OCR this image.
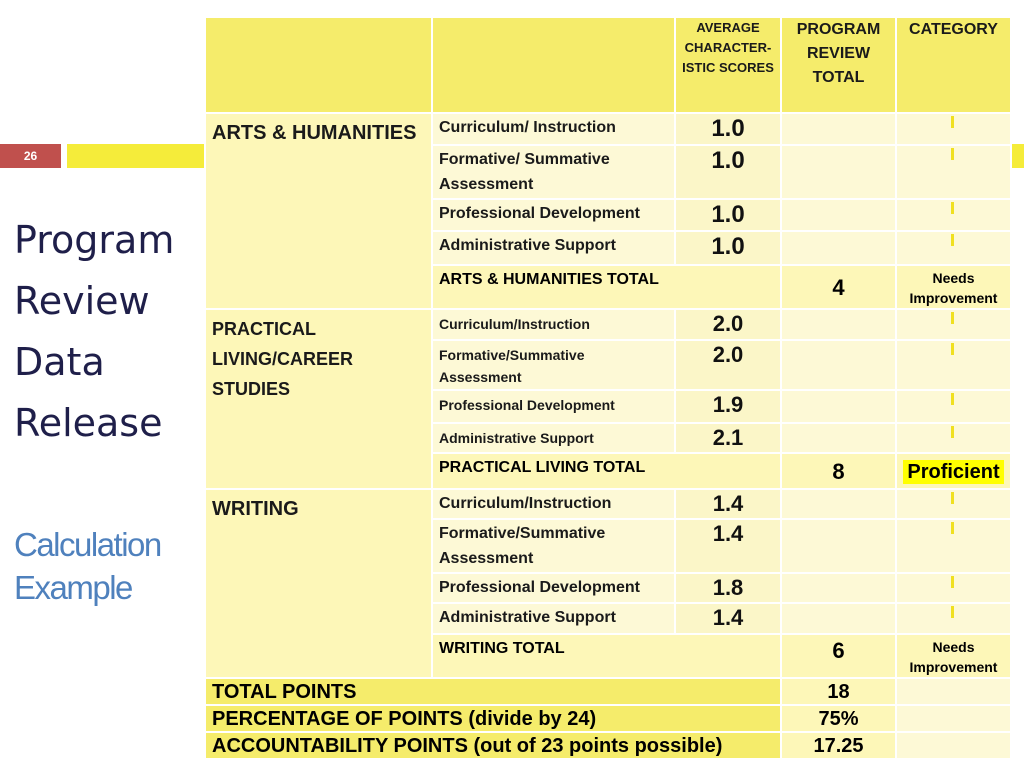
26
Program
Review
Data
Release
Calculation
Example
		AVERAGE CHARACTER-ISTIC SCORES	PROGRAM REVIEW TOTAL	CATEGORY
ARTS & HUMANITIES	Curriculum/ Instruction	1.0		

	Formative/ Summative Assessment	1.0		

	Professional Development	1.0		

	Administrative Support	1.0		

	ARTS & HUMANITIES TOTAL		4	Needs Improvement
PRACTICAL LIVING/CAREER STUDIES	Curriculum/Instruction	2.0		

	Formative/Summative Assessment	2.0		

	Professional Development	1.9		

	Administrative Support	2.1		

	PRACTICAL LIVING TOTAL		8	Proficient
WRITING	Curriculum/Instruction	1.4		

	Formative/Summative Assessment	1.4		

	Professional Development	1.8		

	Administrative Support	1.4		

	WRITING TOTAL		6	Needs Improvement
TOTAL POINTS			18	
PERCENTAGE OF POINTS (divide by 24)			75%	
ACCOUNTABILITY POINTS (out of 23 points possible)			17.25	
